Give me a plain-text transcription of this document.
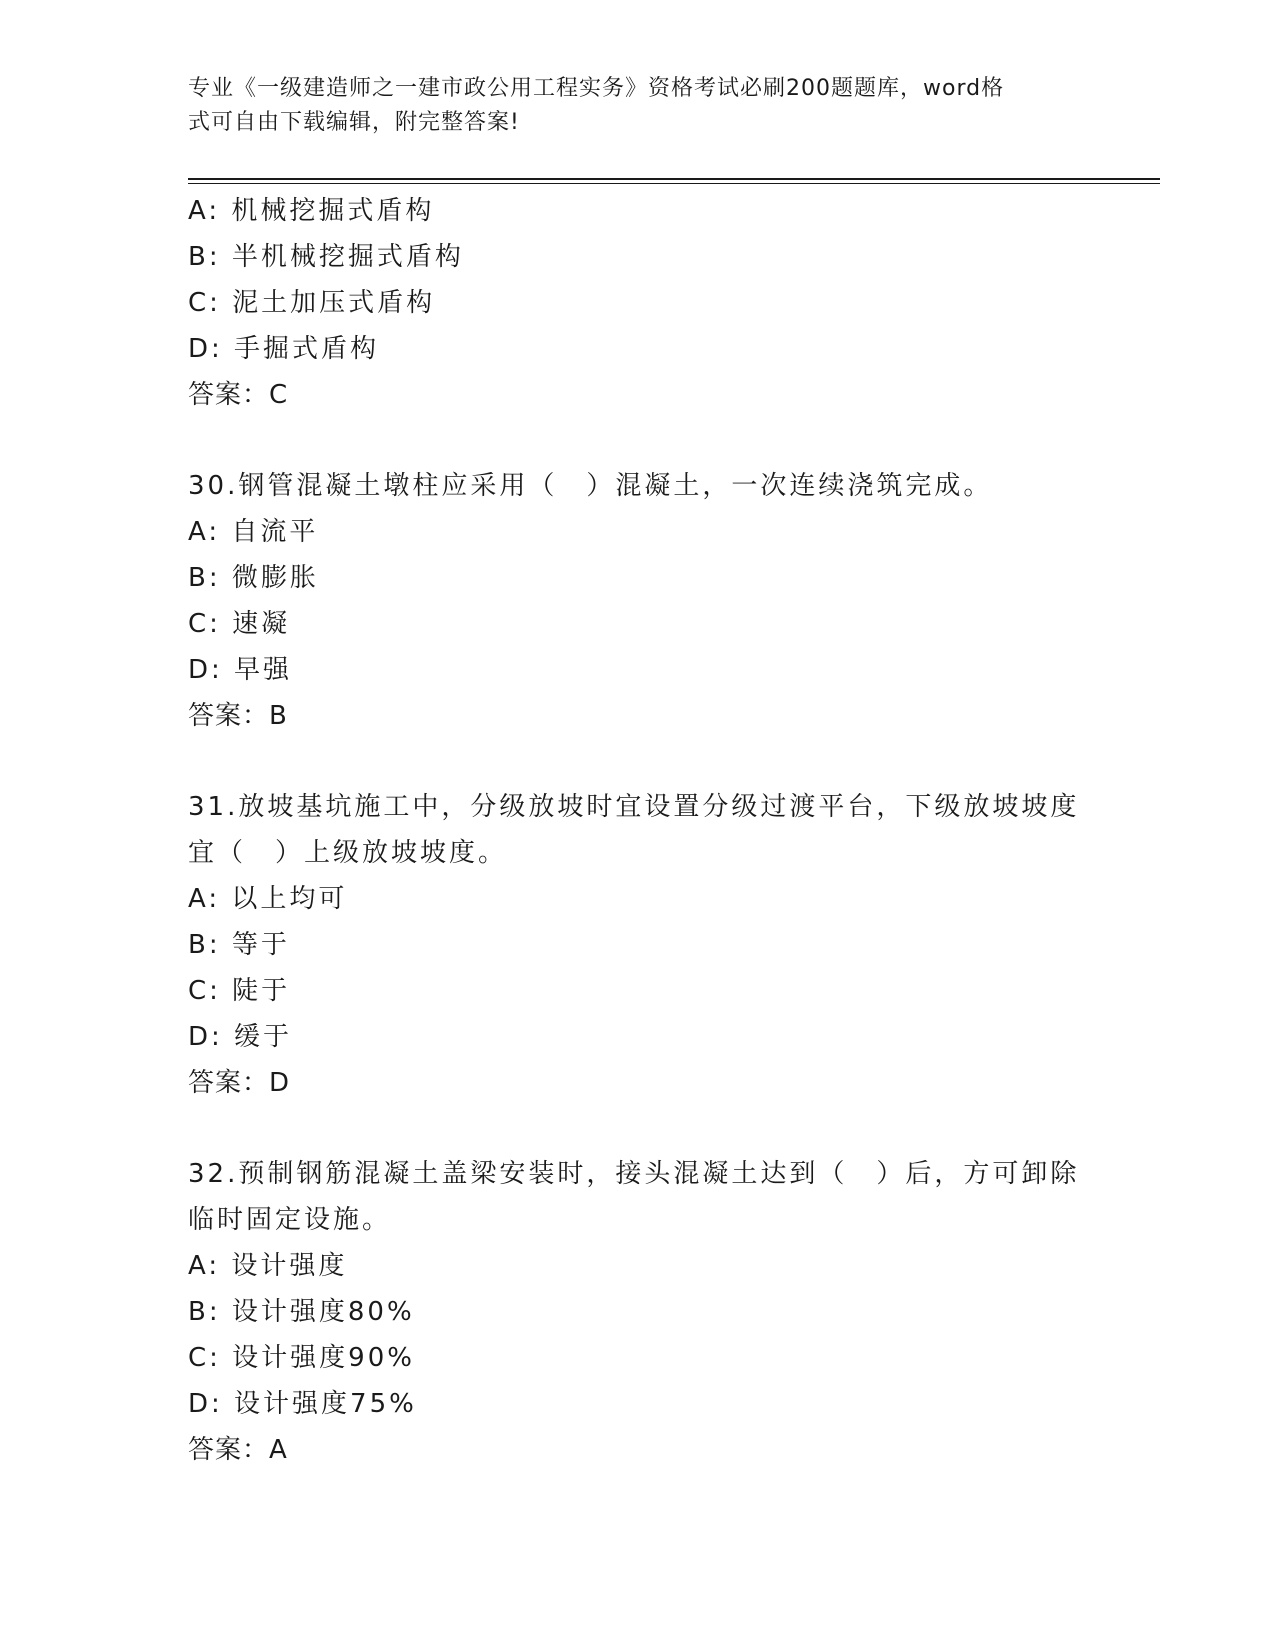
专业《一级建造师之一建市政公用工程实务》资格考试必刷200题题库，word格
式可自由下载编辑，附完整答案!
A: 机械挖掘式盾构
B: 半机械挖掘式盾构
C: 泥土加压式盾构
D: 手掘式盾构
答案：C
30.钢管混凝土墩柱应采用（　）混凝土，一次连续浇筑完成。
A: 自流平
B: 微膨胀
C: 速凝
D: 早强
答案：B
31.放坡基坑施工中，分级放坡时宜设置分级过渡平台，下级放坡坡度
宜（　）上级放坡坡度。
A: 以上均可
B: 等于
C: 陡于
D: 缓于
答案：D
32.预制钢筋混凝土盖梁安装时，接头混凝土达到（　）后，方可卸除
临时固定设施。
A: 设计强度
B: 设计强度80%
C: 设计强度90%
D: 设计强度75%
答案：A
